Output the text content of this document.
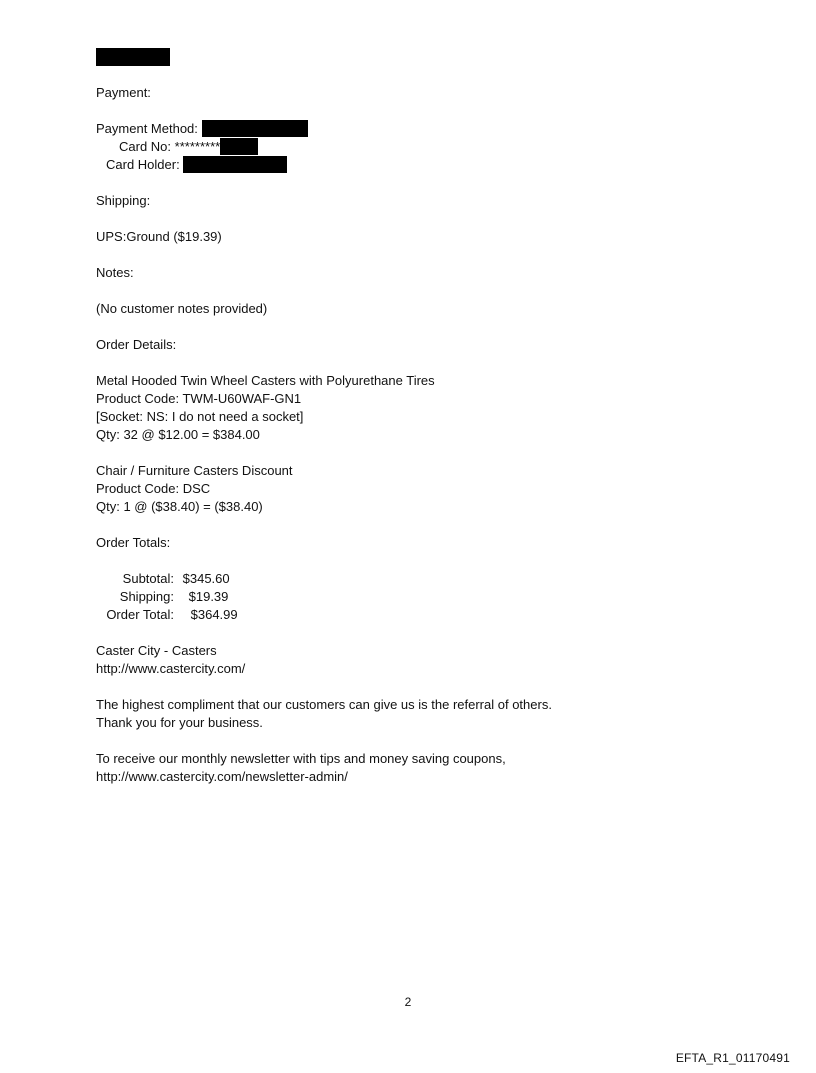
Payment:
Payment Method:
Card No: *********
Card Holder:
Shipping:
UPS:Ground ($19.39)
Notes:
(No customer notes provided)
Order Details:
Metal Hooded Twin Wheel Casters with Polyurethane Tires
Product Code: TWM-U60WAF-GN1
[Socket: NS: I do not need a socket]
Qty: 32 @ $12.00 = $384.00
Chair / Furniture Casters Discount
Product Code: DSC
Qty: 1 @ ($38.40) = ($38.40)
Order Totals:
Subtotal: $345.60
Shipping: $19.39
Order Total: $364.99
Caster City - Casters
http://www.castercity.com/
The highest compliment that our customers can give us is the referral of others.
Thank you for your business.
To receive our monthly newsletter with tips and money saving coupons,
http://www.castercity.com/newsletter-admin/
2
EFTA_R1_01170491
